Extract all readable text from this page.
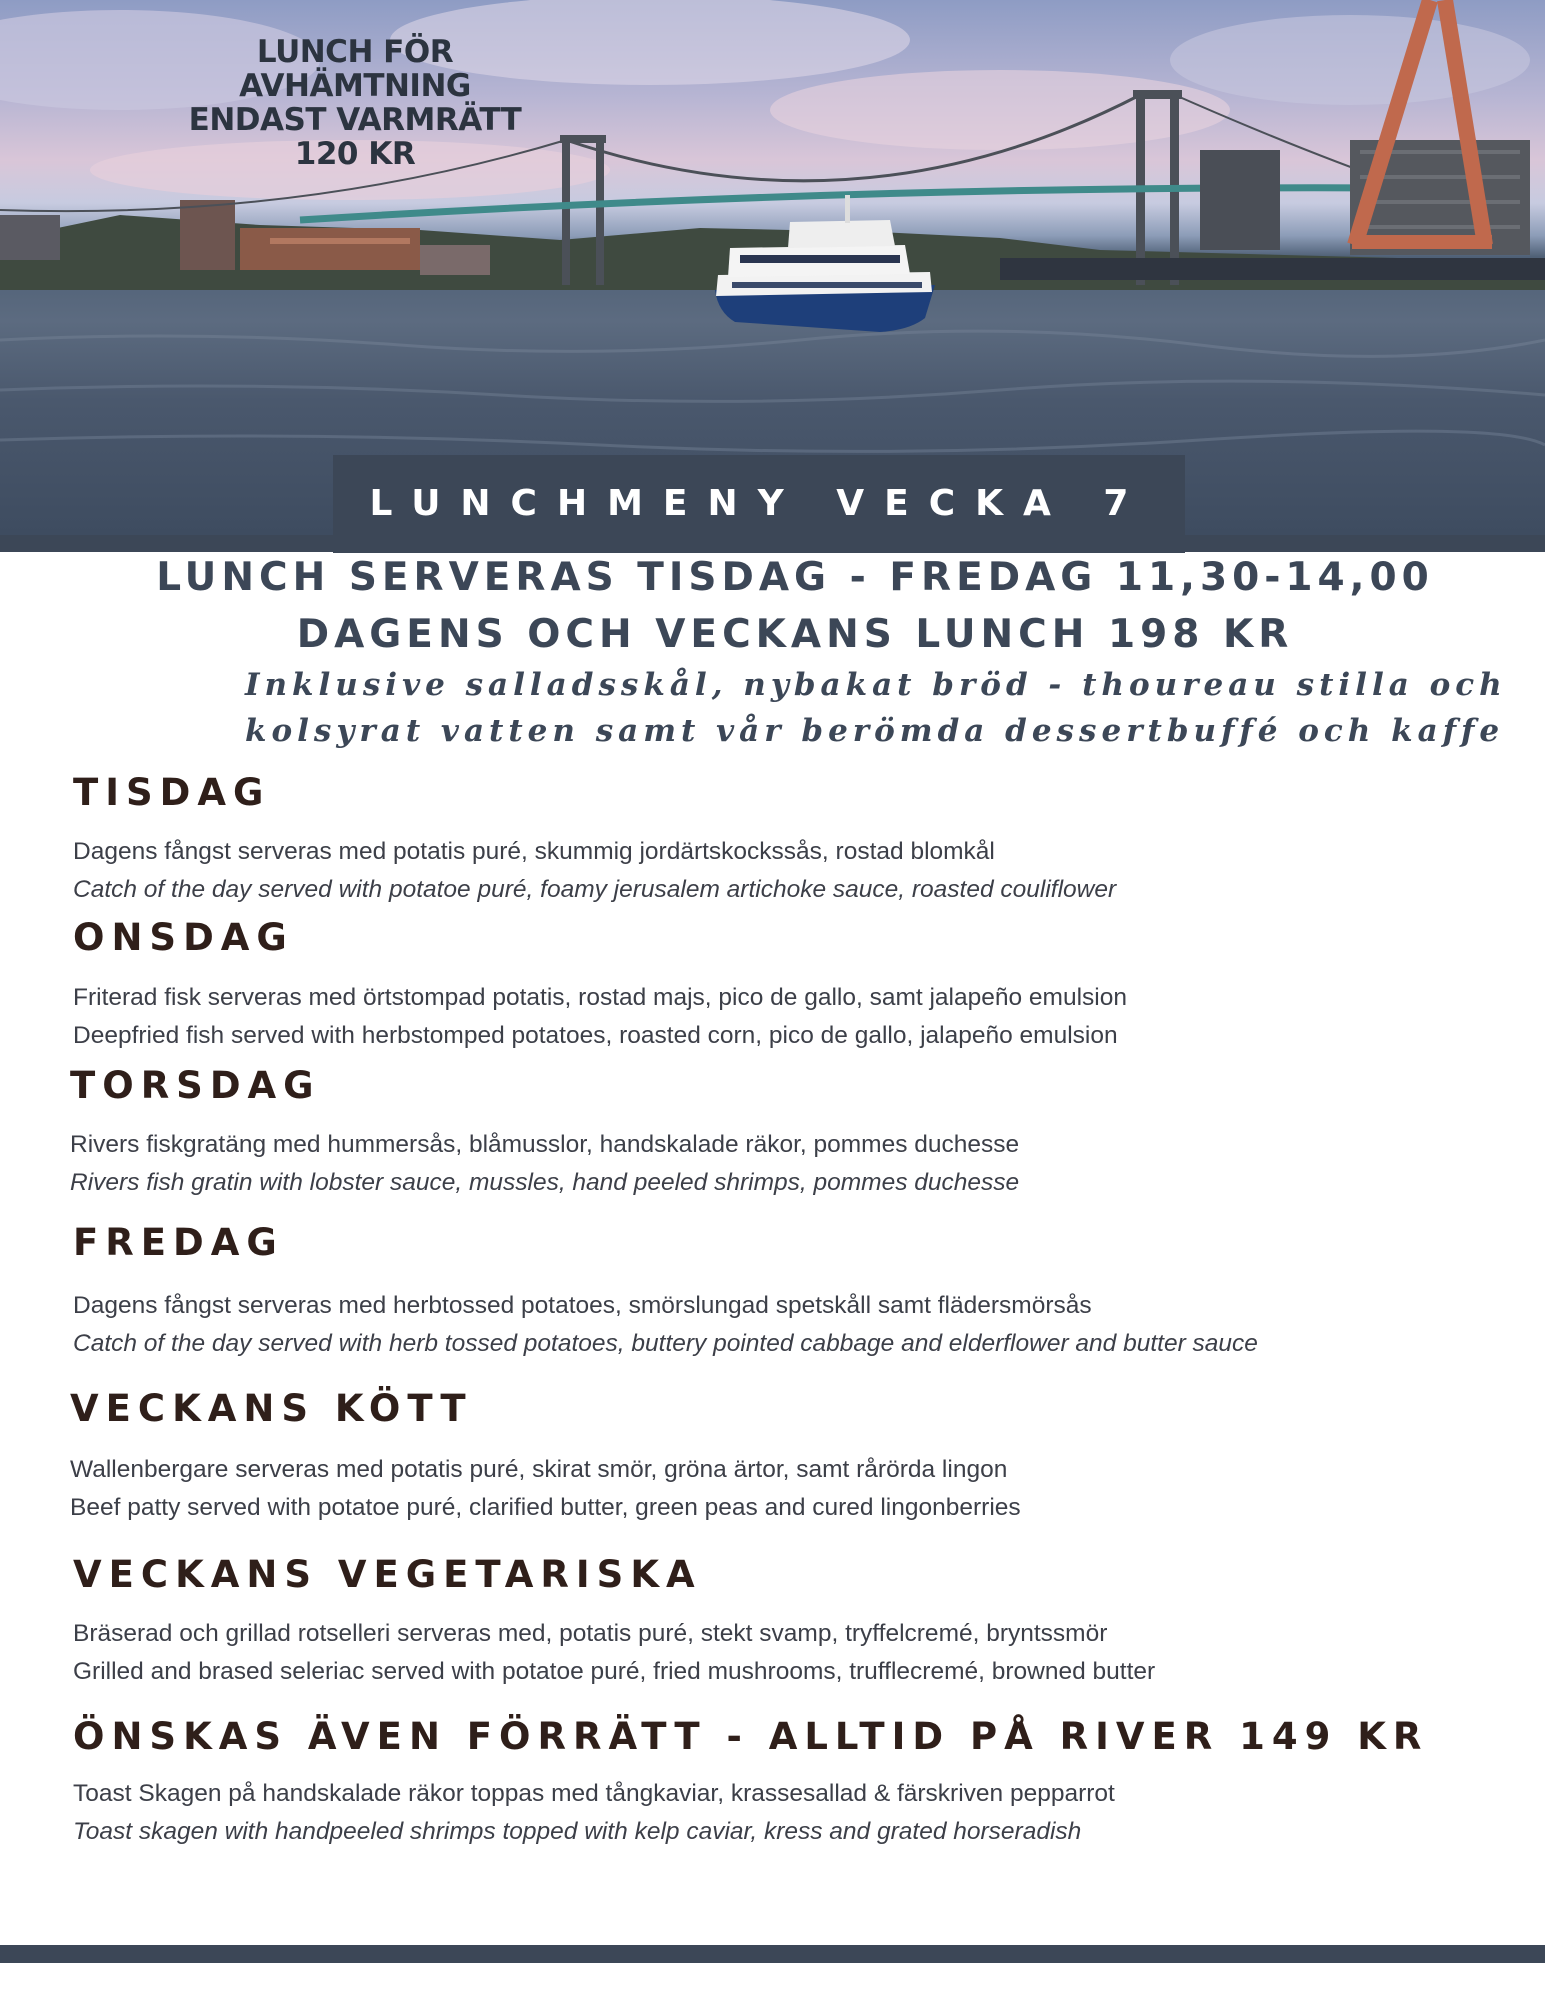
LUNCH FÖR
AVHÄMTNING
ENDAST VARMRÄTT
120 KR
LUNCHMENY VECKA 7
LUNCH SERVERAS TISDAG - FREDAG 11,30-14,00
DAGENS OCH VECKANS LUNCH 198 KR
Inklusive salladsskål, nybakat bröd - thoureau stilla och
kolsyrat vatten samt vår berömda dessertbuffé och kaffe
TISDAG
Dagens fångst serveras med potatis puré, skummig jordärtskockssås, rostad blomkål
Catch of the day served with potatoe puré, foamy jerusalem artichoke sauce, roasted couliflower
ONSDAG
Friterad fisk serveras med örtstompad potatis, rostad majs, pico de gallo, samt jalapeño emulsion
Deepfried fish served with herbstomped potatoes, roasted corn, pico de gallo, jalapeño emulsion
TORSDAG
Rivers fiskgratäng med hummersås, blåmusslor, handskalade räkor, pommes duchesse
Rivers fish gratin with lobster sauce, mussles, hand peeled shrimps, pommes duchesse
FREDAG
Dagens fångst serveras med herbtossed potatoes, smörslungad spetskåll samt flädersmörsås
Catch of the day served with herb tossed potatoes, buttery pointed cabbage and elderflower and butter sauce
VECKANS KÖTT
Wallenbergare serveras med potatis puré, skirat smör, gröna ärtor, samt rårörda lingon
Beef patty served with potatoe puré, clarified butter, green peas and cured lingonberries
VECKANS VEGETARISKA
Bräserad och grillad rotselleri serveras med, potatis puré, stekt svamp, tryffelcremé, bryntssmör
Grilled and brased seleriac served with potatoe puré, fried mushrooms, trufflecremé, browned butter
ÖNSKAS ÄVEN FÖRRÄTT - ALLTID PÅ RIVER 149 KR
Toast Skagen på handskalade räkor toppas med tångkaviar, krassesallad & färskriven pepparrot
Toast skagen with handpeeled shrimps topped with kelp caviar, kress and grated horseradish
